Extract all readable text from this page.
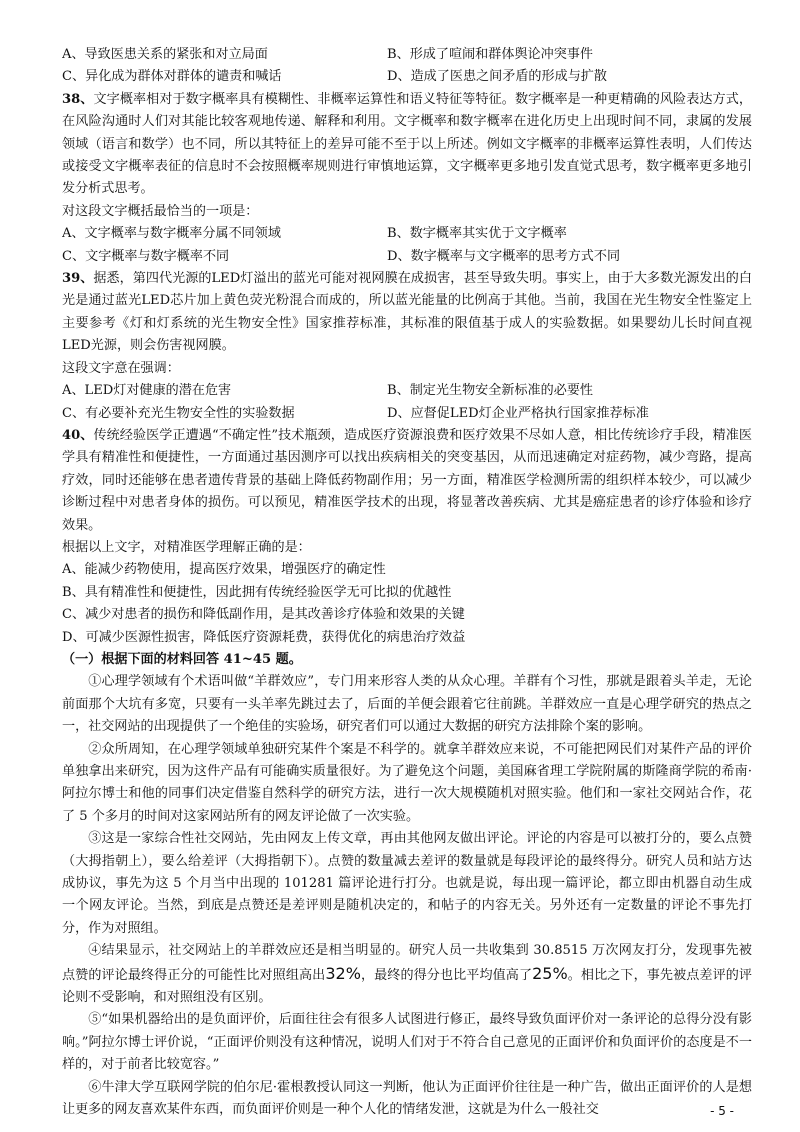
A、导致医患关系的紧张和对立局面	B、形成了喧闹和群体舆论冲突事件
C、异化成为群体对群体的谴责和喊话	D、造成了医患之间矛盾的形成与扩散

38、文字概率相对于数字概率具有模糊性、非概率运算性和语义特征等特征。数字概率是一种更精确的风险表达方式，在风险沟通时人们对其能比较客观地传递、解释和利用。文字概率和数字概率在进化历史上出现时间不同，隶属的发展领域（语言和数学）也不同，所以其特征上的差异可能不至于以上所述。例如文字概率的非概率运算性表明，人们传达或接受文字概率表征的信息时不会按照概率规则进行审慎地运算，文字概率更多地引发直觉式思考，数字概率更多地引发分析式思考。

对这段文字概括最恰当的一项是：

A、文字概率与数字概率分属不同领域	B、数字概率其实优于文字概率
C、文字概率与数字概率不同	D、数字概率与文字概率的思考方式不同

39、据悉，第四代光源的LED灯溢出的蓝光可能对视网膜在成损害，甚至导致失明。事实上，由于大多数光源发出的白光是通过蓝光LED芯片加上黄色荧光粉混合而成的，所以蓝光能量的比例高于其他。当前，我国在光生物安全性鉴定上主要参考《灯和灯系统的光生物安全性》国家推荐标准，其标准的限值基于成人的实验数据。如果婴幼儿长时间直视LED光源，则会伤害视网膜。

这段文字意在强调：

A、LED灯对健康的潜在危害	B、制定光生物安全新标准的必要性
C、有必要补充光生物安全性的实验数据	D、应督促LED灯企业严格执行国家推荐标准

40、传统经验医学正遭遇“不确定性”技术瓶颈，造成医疗资源浪费和医疗效果不尽如人意，相比传统诊疗手段，精准医学具有精准性和便捷性，一方面通过基因测序可以找出疾病相关的突变基因，从而迅速确定对症药物，减少弯路，提高疗效，同时还能够在患者遗传背景的基础上降低药物副作用；另一方面，精准医学检测所需的组织样本较少，可以减少诊断过程中对患者身体的损伤。可以预见，精准医学技术的出现，将显著改善疾病、尤其是癌症患者的诊疗体验和诊疗效果。

根据以上文字，对精准医学理解正确的是：

A、能减少药物使用，提高医疗效果，增强医疗的确定性
B、具有精准性和便捷性，因此拥有传统经验医学无可比拟的优越性
C、减少对患者的损伤和降低副作用，是其改善诊疗体验和效果的关键
D、可减少医源性损害，降低医疗资源耗费，获得优化的病患治疗效益

（一）根据下面的材料回答 41~45 题。

①心理学领域有个术语叫做“羊群效应”，专门用来形容人类的从众心理。羊群有个习性，那就是跟着头羊走，无论前面那个大坑有多宽，只要有一头羊率先跳过去了，后面的羊便会跟着它往前跳。羊群效应一直是心理学研究的热点之一，社交网站的出现提供了一个绝佳的实验场，研究者们可以通过大数据的研究方法排除个案的影响。

②众所周知，在心理学领域单独研究某件个案是不科学的。就拿羊群效应来说，不可能把网民们对某件产品的评价单独拿出来研究，因为这件产品有可能确实质量很好。为了避免这个问题，美国麻省理工学院附属的斯隆商学院的希南·阿拉尔博士和他的同事们决定借鉴自然科学的研究方法，进行一次大规模随机对照实验。他们和一家社交网站合作，花了 5 个多月的时间对这家网站所有的网友评论做了一次实验。

③这是一家综合性社交网站，先由网友上传文章，再由其他网友做出评论。评论的内容是可以被打分的，要么点赞（大拇指朝上），要么给差评（大拇指朝下）。点赞的数量减去差评的数量就是每段评论的最终得分。研究人员和站方达成协议，事先为这 5 个月当中出现的 101281 篇评论进行打分。也就是说，每出现一篇评论，都立即由机器自动生成一个网友评论。当然，到底是点赞还是差评则是随机决定的，和帖子的内容无关。另外还有一定数量的评论不事先打分，作为对照组。

④结果显示，社交网站上的羊群效应还是相当明显的。研究人员一共收集到 30.8515 万次网友打分，发现事先被点赞的评论最终得正分的可能性比对照组高出32%，最终的得分也比平均值高了25%。相比之下，事先被点差评的评论则不受影响，和对照组没有区别。

⑤“如果机器给出的是负面评价，后面往往会有很多人试图进行修正，最终导致负面评价对一条评论的总得分没有影响。”阿拉尔博士评价说，“正面评价则没有这种情况，说明人们对于不符合自己意见的正面评价和负面评价的态度是不一样的，对于前者比较宽容。”

⑥牛津大学互联网学院的伯尔尼·霍根教授认同这一判断，他认为正面评价往往是一种广告，做出正面评价的人是想让更多的网友喜欢某件东西，而负面评价则是一种个人化的情绪发泄，这就是为什么一般社交	- 5 -
